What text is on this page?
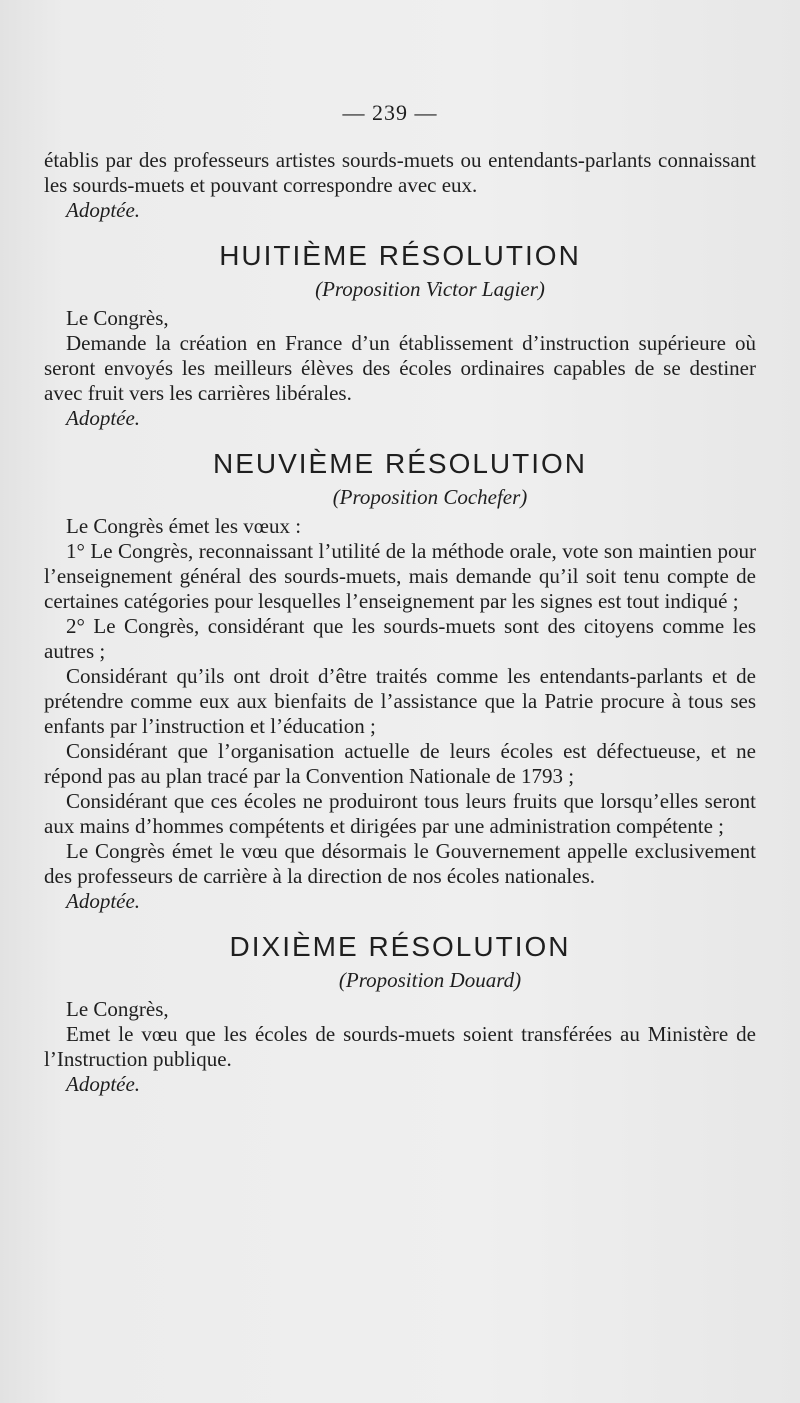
— 239 —

établis par des professeurs artistes sourds-muets ou entendants-parlants connaissant les sourds-muets et pouvant correspondre avec eux.

Adoptée.

HUITIÈME RÉSOLUTION
(Proposition Victor Lagier)

Le Congrès,

Demande la création en France d’un établissement d’instruction supérieure où seront envoyés les meilleurs élèves des écoles ordinaires capables de se destiner avec fruit vers les carrières libérales.

Adoptée.

NEUVIÈME RÉSOLUTION
(Proposition Cochefer)

Le Congrès émet les vœux :

1° Le Congrès, reconnaissant l’utilité de la méthode orale, vote son maintien pour l’enseignement général des sourds-muets, mais demande qu’il soit tenu compte de certaines catégories pour lesquelles l’enseignement par les signes est tout indiqué ;

2° Le Congrès, considérant que les sourds-muets sont des citoyens comme les autres ;

Considérant qu’ils ont droit d’être traités comme les entendants-parlants et de prétendre comme eux aux bienfaits de l’assistance que la Patrie procure à tous ses enfants par l’instruction et l’éducation ;

Considérant que l’organisation actuelle de leurs écoles est défectueuse, et ne répond pas au plan tracé par la Convention Nationale de 1793 ;

Considérant que ces écoles ne produiront tous leurs fruits que lorsqu’elles seront aux mains d’hommes compétents et dirigées par une administration compétente ;

Le Congrès émet le vœu que désormais le Gouvernement appelle exclusivement des professeurs de carrière à la direction de nos écoles nationales.

Adoptée.

DIXIÈME RÉSOLUTION
(Proposition Douard)

Le Congrès,

Emet le vœu que les écoles de sourds-muets soient transférées au Ministère de l’Instruction publique.

Adoptée.
